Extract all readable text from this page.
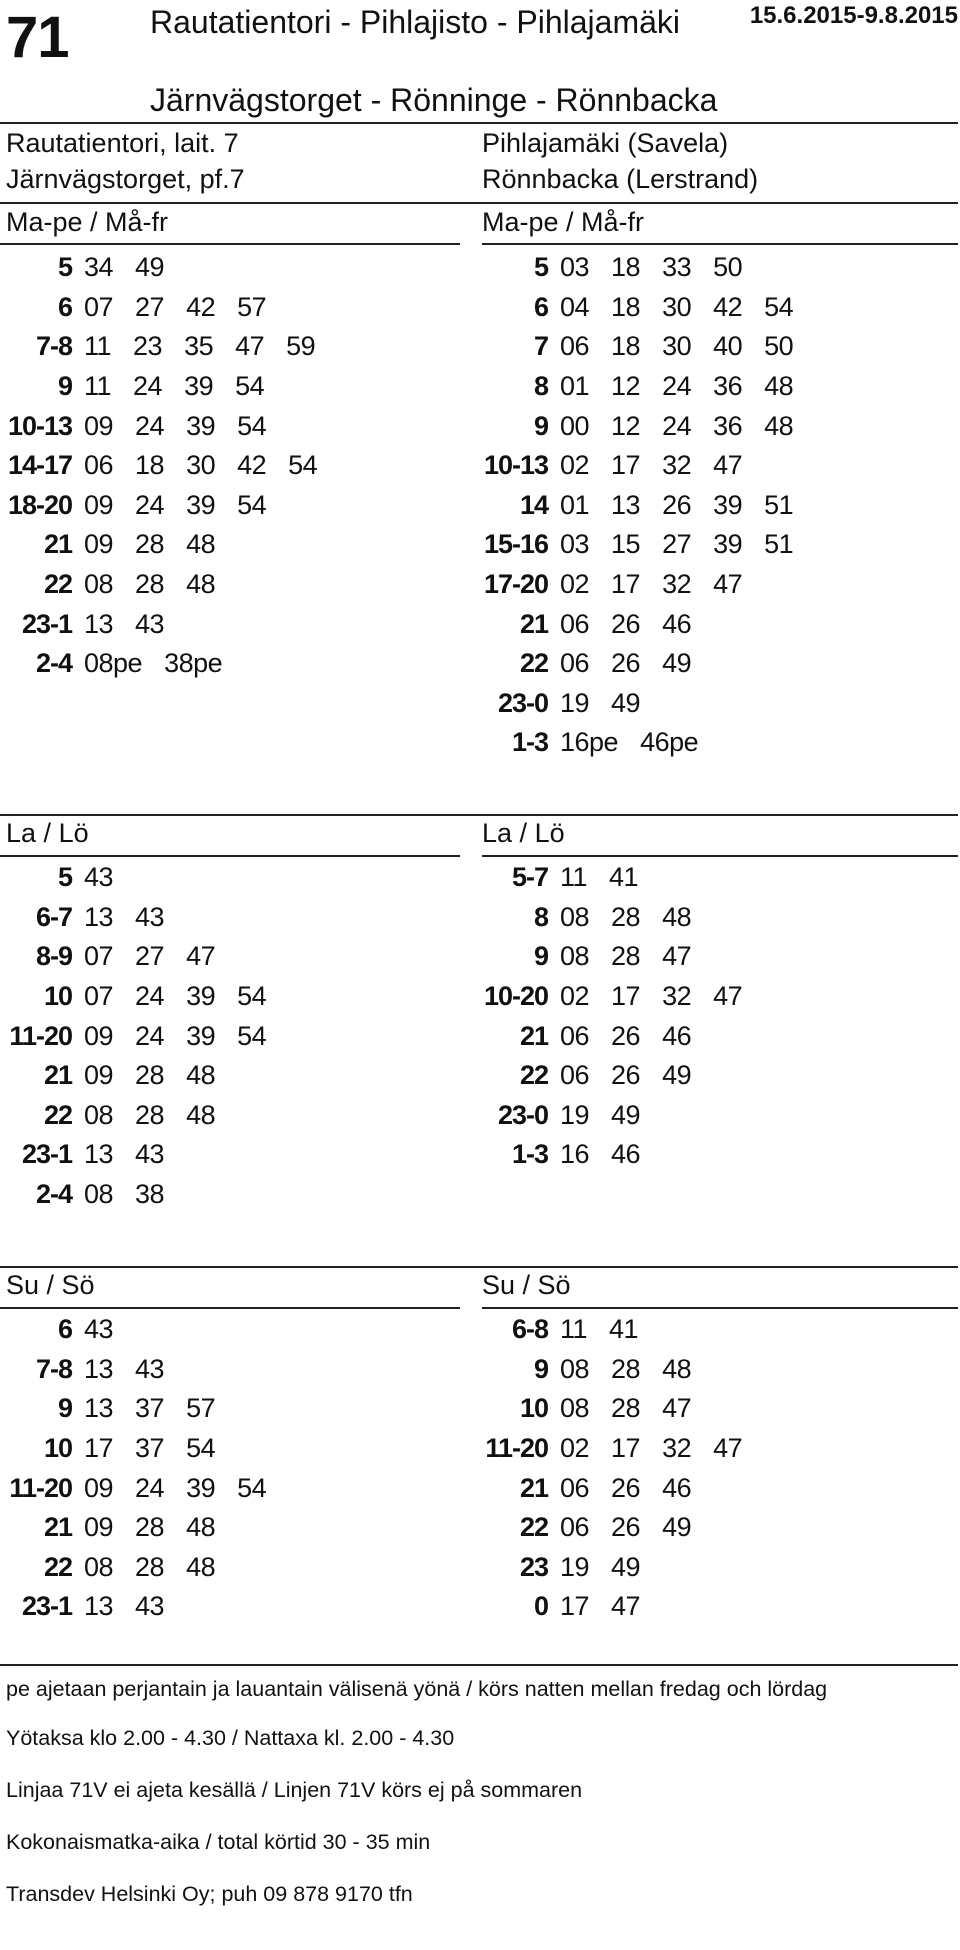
71	Rautatientori - Pihlajisto - Pihlajamäki
Järnvägstorget - Rönninge - Rönnbacka
15.6.2015-9.8.2015
Rautatientori, lait. 7
Järnvägstorget, pf.7
Pihlajamäki (Savela)
Rönnbacka (Lerstrand)
Ma-pe / Må-fr	Ma-pe / Må-fr
5 34  49
6 07  27  42  57
7-8 11  23  35  47  59
9 11  24  39  54
10-13 09  24  39  54
14-17 06  18  30  42  54
18-20 09  24  39  54
21 09  28  48
22 08  28  48
23-1 13  43
2-4 08pe  38pe
5 03  18  33  50
6 04  18  30  42  54
7 06  18  30  40  50
8 01  12  24  36  48
9 00  12  24  36  48
10-13 02  17  32  47
14 01  13  26  39  51
15-16 03  15  27  39  51
17-20 02  17  32  47
21 06  26  46
22 06  26  49
23-0 19  49
1-3 16pe  46pe
La / Lö	La / Lö
5 43
6-7 13  43
8-9 07  27  47
10 07  24  39  54
11-20 09  24  39  54
21 09  28  48
22 08  28  48
23-1 13  43
2-4 08  38
5-7 11  41
8 08  28  48
9 08  28  47
10-20 02  17  32  47
21 06  26  46
22 06  26  49
23-0 19  49
1-3 16  46
Su / Sö	Su / Sö
6 43
7-8 13  43
9 13  37  57
10 17  37  54
11-20 09  24  39  54
21 09  28  48
22 08  28  48
23-1 13  43
6-8 11  41
9 08  28  48
10 08  28  47
11-20 02  17  32  47
21 06  26  46
22 06  26  49
23 19  49
0 17  47

pe ajetaan perjantain ja lauantain välisenä yönä / körs natten mellan fredag och lördag

Yötaksa klo 2.00 - 4.30 / Nattaxa kl. 2.00 - 4.30

Linjaa 71V ei ajeta kesällä / Linjen 71V körs ej på sommaren

Kokonaismatka-aika / total körtid 30 - 35 min

Transdev Helsinki Oy; puh 09 878 9170 tfn
